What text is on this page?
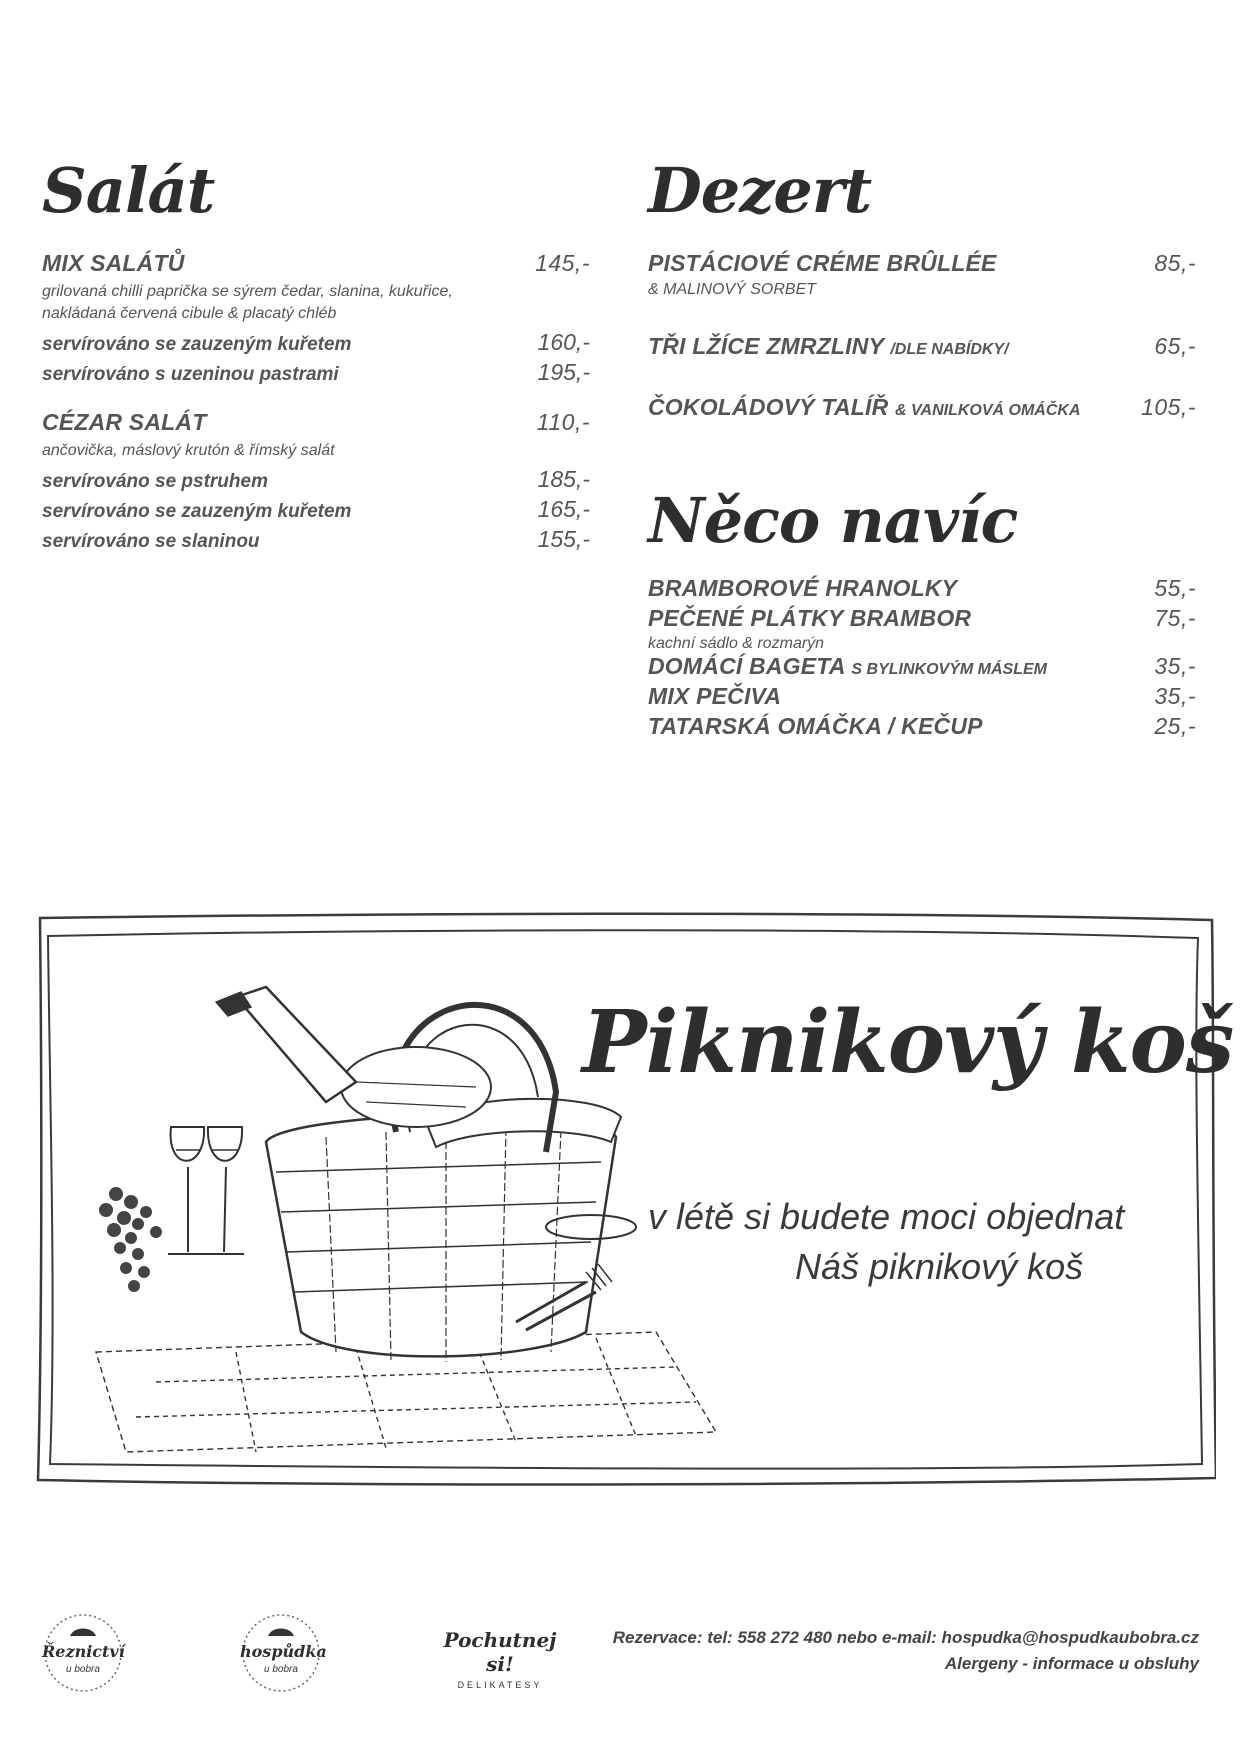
Salát
MIX SALÁTŮ	145,-
grilovaná chilli paprička se sýrem čedar, slanina, kukuřice,
nakládaná červená cibule & placatý chléb
servírováno se zauzeným kuřetem	160,-
servírováno s uzeninou pastrami	195,-
CÉZAR SALÁT	110,-
ančovička, máslový krutón & římský salát
servírováno se pstruhem	185,-
servírováno se zauzeným kuřetem	165,-
servírováno se slaninou	155,-
Dezert
PISTÁCIOVÉ CRÉME BRÛLLÉE	85,-
& MALINOVÝ SORBET
TŘI LŽÍCE ZMRZLINY /DLE NABÍDKY/	65,-
ČOKOLÁDOVÝ TALÍŘ & VANILKOVÁ OMÁČKA	105,-
Něco navíc
BRAMBOROVÉ HRANOLKY	55,-
PEČENÉ PLÁTKY BRAMBOR	75,-
kachní sádlo & rozmarýn
DOMÁCÍ BAGETA S BYLINKOVÝM MÁSLEM	35,-
MIX PEČIVA	35,-
TATARSKÁ OMÁČKA / KEČUP	25,-
Piknikový koš
v létě si budete moci objednat
Náš piknikový koš
Řeznictví
u bobra
hospůdka
u bobra
Pochutnej si!
DELIKATESY
Rezervace: tel: 558 272 480 nebo e-mail: hospudka@hospudkaubobra.cz
Alergeny - informace u obsluhy
